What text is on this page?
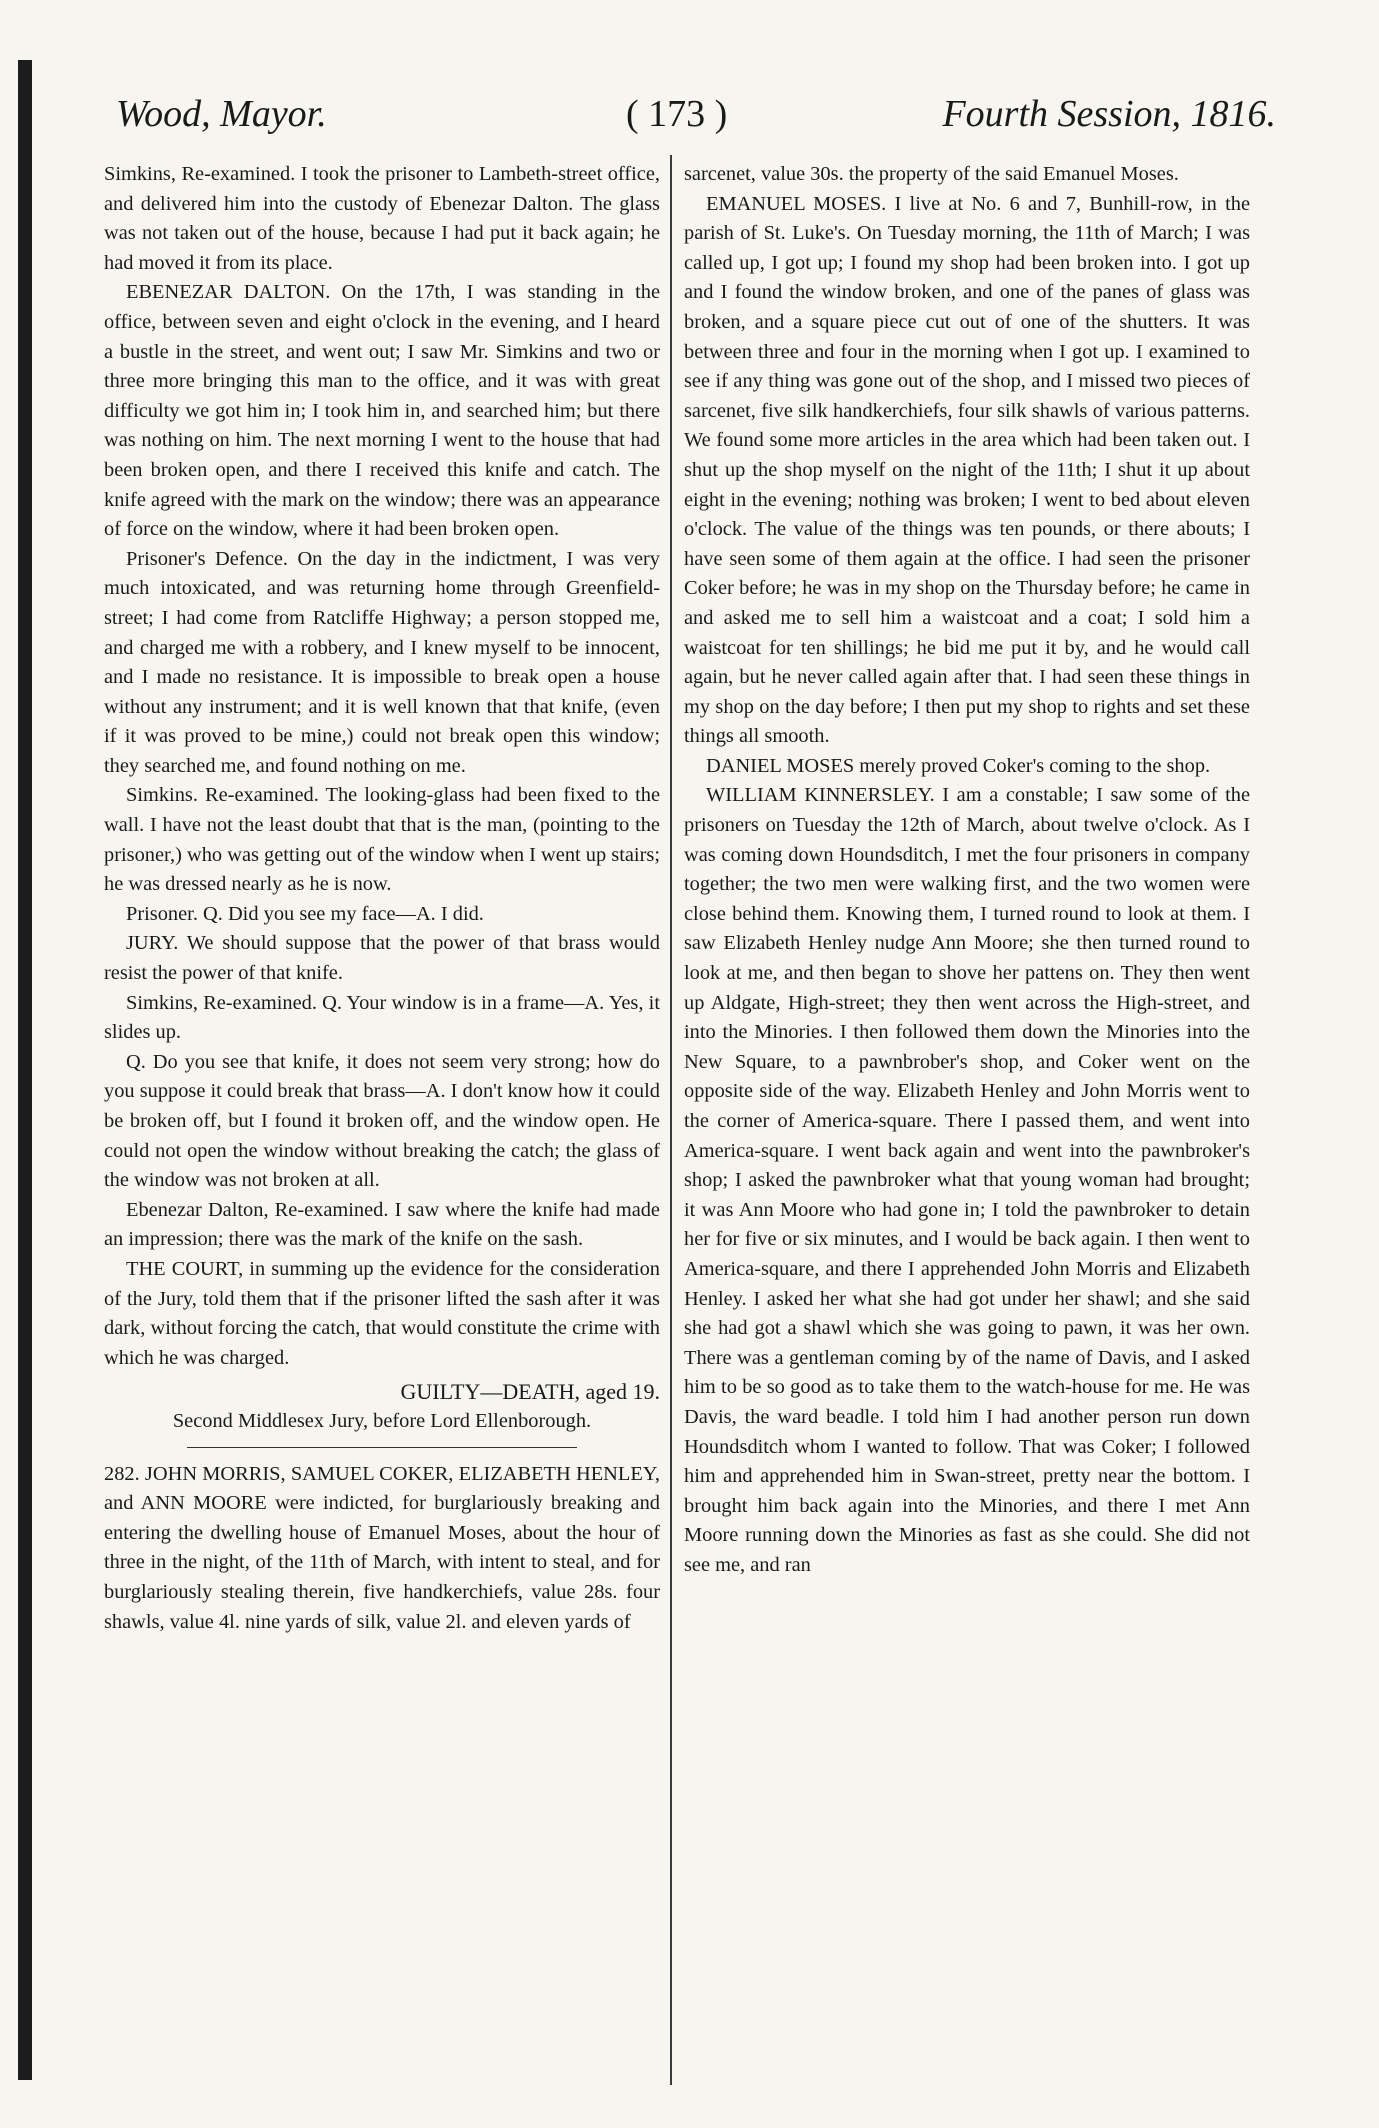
Wood, Mayor.	( 173 )	Fourth Session, 1816.

Simkins, Re-examined. I took the prisoner to Lambeth-street office, and delivered him into the custody of Ebenezar Dalton. The glass was not taken out of the house, because I had put it back again; he had moved it from its place.

EBENEZAR DALTON. On the 17th, I was standing in the office, between seven and eight o'clock in the evening, and I heard a bustle in the street, and went out; I saw Mr. Simkins and two or three more bringing this man to the office, and it was with great difficulty we got him in; I took him in, and searched him; but there was nothing on him. The next morning I went to the house that had been broken open, and there I received this knife and catch. The knife agreed with the mark on the window; there was an appearance of force on the window, where it had been broken open.

Prisoner's Defence. On the day in the indictment, I was very much intoxicated, and was returning home through Greenfield-street; I had come from Ratcliffe Highway; a person stopped me, and charged me with a robbery, and I knew myself to be innocent, and I made no resistance. It is impossible to break open a house without any instrument; and it is well known that that knife, (even if it was proved to be mine,) could not break open this window; they searched me, and found nothing on me.

Simkins. Re-examined. The looking-glass had been fixed to the wall. I have not the least doubt that that is the man, (pointing to the prisoner,) who was getting out of the window when I went up stairs; he was dressed nearly as he is now.

Prisoner. Q. Did you see my face—A. I did.

JURY. We should suppose that the power of that brass would resist the power of that knife.

Simkins, Re-examined. Q. Your window is in a frame—A. Yes, it slides up.

Q. Do you see that knife, it does not seem very strong; how do you suppose it could break that brass—A. I don't know how it could be broken off, but I found it broken off, and the window open. He could not open the window without breaking the catch; the glass of the window was not broken at all.

Ebenezar Dalton, Re-examined. I saw where the knife had made an impression; there was the mark of the knife on the sash.

THE COURT, in summing up the evidence for the consideration of the Jury, told them that if the prisoner lifted the sash after it was dark, without forcing the catch, that would constitute the crime with which he was charged.

GUILTY—DEATH, aged 19.

Second Middlesex Jury, before Lord Ellenborough.

282. JOHN MORRIS, SAMUEL COKER, ELIZABETH HENLEY, and ANN MOORE were indicted, for burglariously breaking and entering the dwelling house of Emanuel Moses, about the hour of three in the night, of the 11th of March, with intent to steal, and for burglariously stealing therein, five handkerchiefs, value 28s. four shawls, value 4l. nine yards of silk, value 2l. and eleven yards of

sarcenet, value 30s. the property of the said Emanuel Moses.

EMANUEL MOSES. I live at No. 6 and 7, Bunhill-row, in the parish of St. Luke's. On Tuesday morning, the 11th of March; I was called up, I got up; I found my shop had been broken into. I got up and I found the window broken, and one of the panes of glass was broken, and a square piece cut out of one of the shutters. It was between three and four in the morning when I got up. I examined to see if any thing was gone out of the shop, and I missed two pieces of sarcenet, five silk handkerchiefs, four silk shawls of various patterns. We found some more articles in the area which had been taken out. I shut up the shop myself on the night of the 11th; I shut it up about eight in the evening; nothing was broken; I went to bed about eleven o'clock. The value of the things was ten pounds, or there abouts; I have seen some of them again at the office. I had seen the prisoner Coker before; he was in my shop on the Thursday before; he came in and asked me to sell him a waistcoat and a coat; I sold him a waistcoat for ten shillings; he bid me put it by, and he would call again, but he never called again after that. I had seen these things in my shop on the day before; I then put my shop to rights and set these things all smooth.

DANIEL MOSES merely proved Coker's coming to the shop.

WILLIAM KINNERSLEY. I am a constable; I saw some of the prisoners on Tuesday the 12th of March, about twelve o'clock. As I was coming down Houndsditch, I met the four prisoners in company together; the two men were walking first, and the two women were close behind them. Knowing them, I turned round to look at them. I saw Elizabeth Henley nudge Ann Moore; she then turned round to look at me, and then began to shove her pattens on. They then went up Aldgate, High-street; they then went across the High-street, and into the Minories. I then followed them down the Minories into the New Square, to a pawnbrober's shop, and Coker went on the opposite side of the way. Elizabeth Henley and John Morris went to the corner of America-square. There I passed them, and went into America-square. I went back again and went into the pawnbroker's shop; I asked the pawnbroker what that young woman had brought; it was Ann Moore who had gone in; I told the pawnbroker to detain her for five or six minutes, and I would be back again. I then went to America-square, and there I apprehended John Morris and Elizabeth Henley. I asked her what she had got under her shawl; and she said she had got a shawl which she was going to pawn, it was her own. There was a gentleman coming by of the name of Davis, and I asked him to be so good as to take them to the watch-house for me. He was Davis, the ward beadle. I told him I had another person run down Houndsditch whom I wanted to follow. That was Coker; I followed him and apprehended him in Swan-street, pretty near the bottom. I brought him back again into the Minories, and there I met Ann Moore running down the Minories as fast as she could. She did not see me, and ran
